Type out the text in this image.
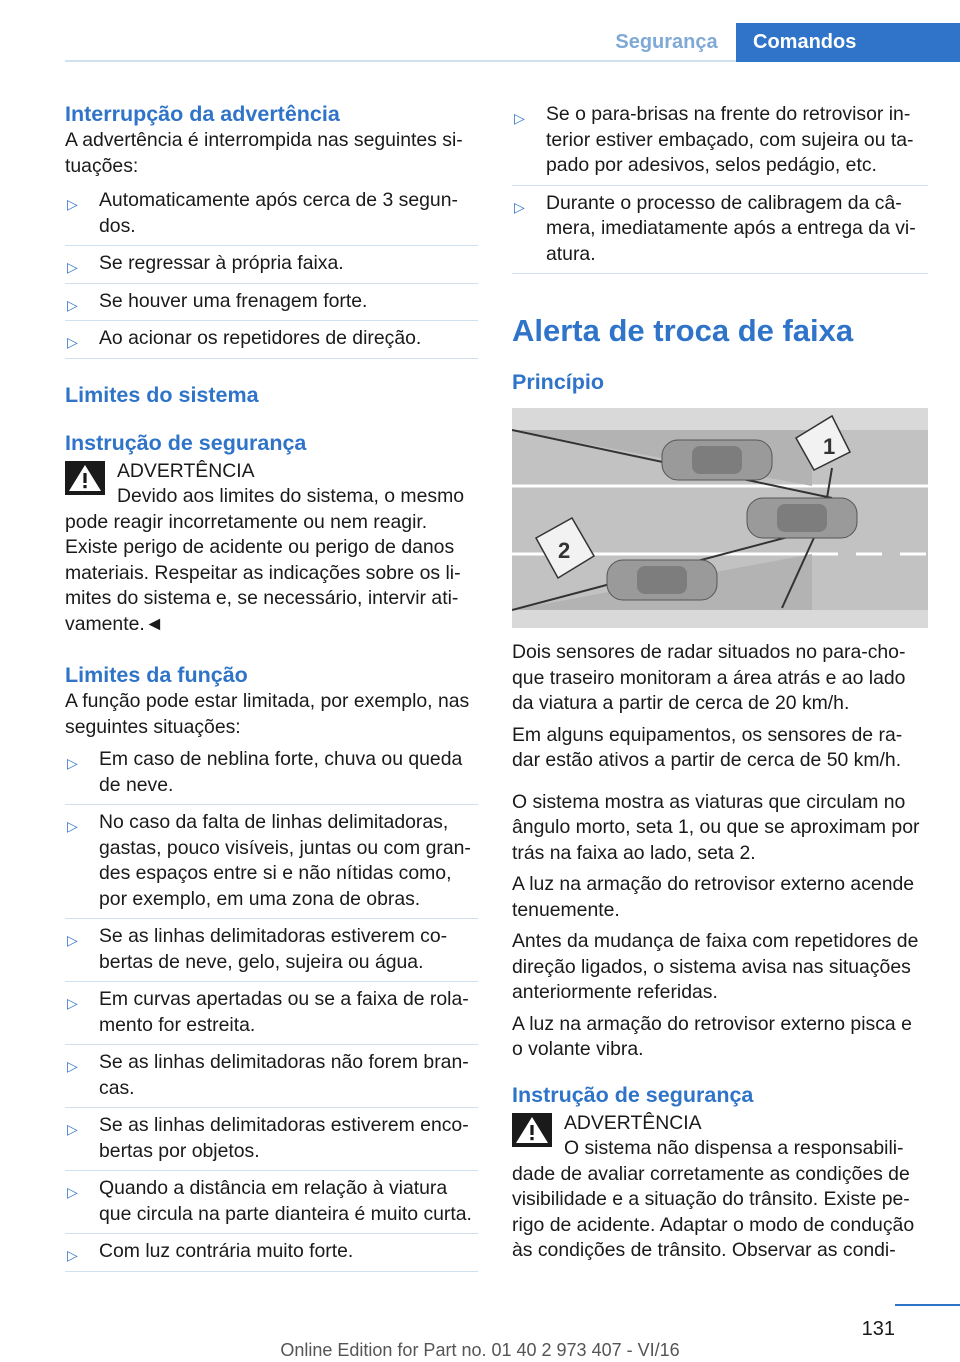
Segurança	Comandos

Interrupção da advertência

A advertência é interrompida nas seguintes si-tuações:

▷ Automaticamente após cerca de 3 segun-dos.
▷ Se regressar à própria faixa.
▷ Se houver uma frenagem forte.
▷ Ao acionar os repetidores de direção.

Limites do sistema

Instrução de segurança

ADVERTÊNCIA

Devido aos limites do sistema, o mesmo pode reagir incorretamente ou nem reagir. Existe perigo de acidente ou perigo de danos materiais. Respeitar as indicações sobre os li-mites do sistema e, se necessário, intervir ati-vamente.◄

Limites da função

A função pode estar limitada, por exemplo, nas seguintes situações:

▷ Em caso de neblina forte, chuva ou queda de neve.
▷ No caso da falta de linhas delimitadoras, gastas, pouco visíveis, juntas ou com gran-des espaços entre si e não nítidas como, por exemplo, em uma zona de obras.
▷ Se as linhas delimitadoras estiverem co-bertas de neve, gelo, sujeira ou água.
▷ Em curvas apertadas ou se a faixa de rola-mento for estreita.
▷ Se as linhas delimitadoras não forem bran-cas.
▷ Se as linhas delimitadoras estiverem enco-bertas por objetos.
▷ Quando a distância em relação à viatura que circula na parte dianteira é muito curta.
▷ Com luz contrária muito forte.
▷ Se o para-brisas na frente do retrovisor in-terior estiver embaçado, com sujeira ou ta-pado por adesivos, selos pedágio, etc.
▷ Durante o processo de calibragem da câ-mera, imediatamente após a entrega da vi-atura.

Alerta de troca de faixa

Princípio

1
2

Dois sensores de radar situados no para-cho-que traseiro monitoram a área atrás e ao lado da viatura a partir de cerca de 20 km/h.

Em alguns equipamentos, os sensores de ra-dar estão ativos a partir de cerca de 50 km/h.

O sistema mostra as viaturas que circulam no ângulo morto, seta 1, ou que se aproximam por trás na faixa ao lado, seta 2.

A luz na armação do retrovisor externo acende tenuemente.

Antes da mudança de faixa com repetidores de direção ligados, o sistema avisa nas situações anteriormente referidas.

A luz na armação do retrovisor externo pisca e o volante vibra.

Instrução de segurança

ADVERTÊNCIA

O sistema não dispensa a responsabili-dade de avaliar corretamente as condições de visibilidade e a situação do trânsito. Existe pe-rigo de acidente. Adaptar o modo de condução às condições de trânsito. Observar as condi-

131
Online Edition for Part no. 01 40 2 973 407 - VI/16
